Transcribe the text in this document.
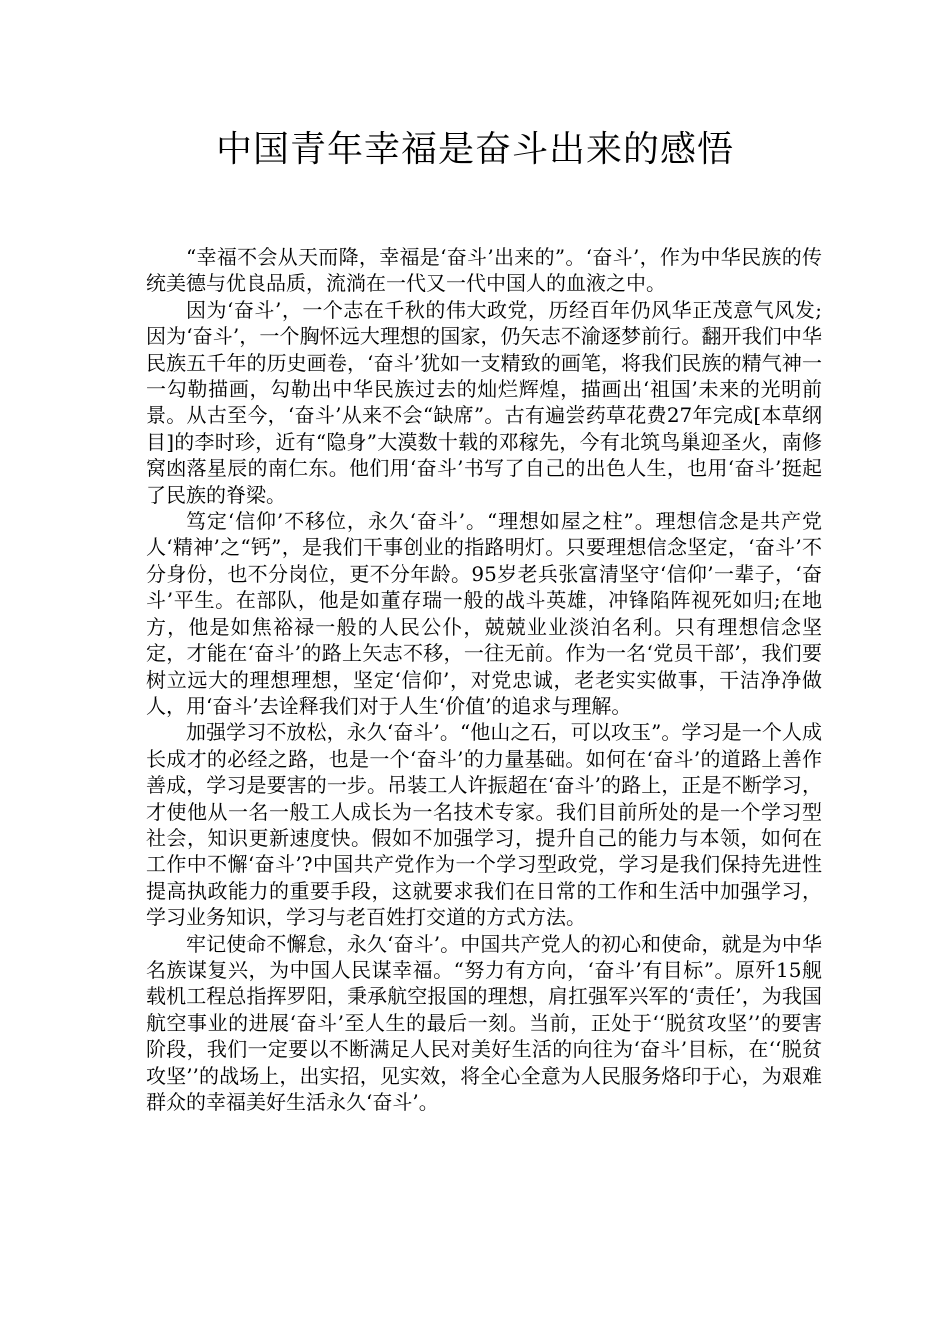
中国青年幸福是奋斗出来的感悟

“幸福不会从天而降，幸福是‘奋斗’出来的”。‘奋斗’，作为中华民族的传统美德与优良品质，流淌在一代又一代中国人的血液之中。

因为‘奋斗’，一个志在千秋的伟大政党，历经百年仍风华正茂意气风发;因为‘奋斗’，一个胸怀远大理想的国家，仍矢志不渝逐梦前行。翻开我们中华民族五千年的历史画卷，‘奋斗’犹如一支精致的画笔，将我们民族的精气神一一勾勒描画，勾勒出中华民族过去的灿烂辉煌，描画出‘祖国’未来的光明前景。从古至今，‘奋斗’从来不会“缺席”。古有遍尝药草花费27年完成[本草纲目]的李时珍，近有“隐身”大漠数十载的邓稼先，今有北筑鸟巢迎圣火，南修窝凼落星辰的南仁东。他们用‘奋斗’书写了自己的出色人生，也用‘奋斗’挺起了民族的脊梁。

笃定‘信仰’不移位，永久‘奋斗’。“理想如屋之柱”。理想信念是共产党人‘精神’之“钙”，是我们干事创业的指路明灯。只要理想信念坚定，‘奋斗’不分身份，也不分岗位，更不分年龄。95岁老兵张富清坚守‘信仰’一辈子，‘奋斗’平生。在部队，他是如董存瑞一般的战斗英雄，冲锋陷阵视死如归;在地方，他是如焦裕禄一般的人民公仆，兢兢业业淡泊名利。只有理想信念坚定，才能在‘奋斗’的路上矢志不移，一往无前。作为一名‘党员干部’，我们要树立远大的理想理想，坚定‘信仰’，对党忠诚，老老实实做事，干洁净净做人，用‘奋斗’去诠释我们对于人生‘价值’的追求与理解。

加强学习不放松，永久‘奋斗’。“他山之石，可以攻玉”。学习是一个人成长成才的必经之路，也是一个‘奋斗’的力量基础。如何在‘奋斗’的道路上善作善成，学习是要害的一步。吊装工人许振超在‘奋斗’的路上，正是不断学习，才使他从一名一般工人成长为一名技术专家。我们目前所处的是一个学习型社会，知识更新速度快。假如不加强学习，提升自己的能力与本领，如何在工作中不懈‘奋斗’?中国共产党作为一个学习型政党，学习是我们保持先进性提高执政能力的重要手段，这就要求我们在日常的工作和生活中加强学习，学习业务知识，学习与老百姓打交道的方式方法。

牢记使命不懈怠，永久‘奋斗’。中国共产党人的初心和使命，就是为中华名族谋复兴，为中国人民谋幸福。“努力有方向，‘奋斗’有目标”。原歼15舰载机工程总指挥罗阳，秉承航空报国的理想，肩扛强军兴军的‘责任’，为我国航空事业的进展‘奋斗’至人生的最后一刻。当前，正处于‘‘脱贫攻坚’’的要害阶段，我们一定要以不断满足人民对美好生活的向往为‘奋斗’目标，在‘‘脱贫攻坚’’的战场上，出实招，见实效，将全心全意为人民服务烙印于心，为艰难群众的幸福美好生活永久‘奋斗’。
